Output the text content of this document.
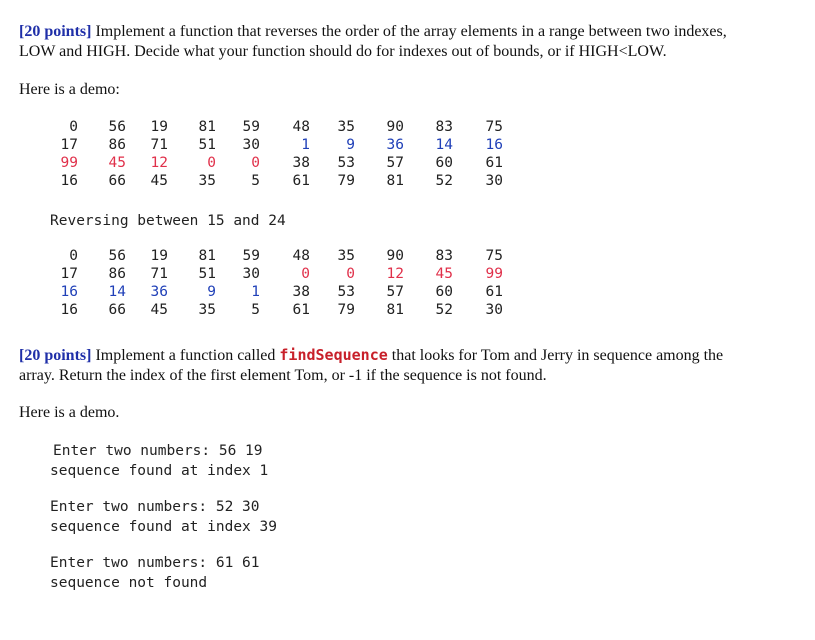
[20 points] Implement a function that reverses the order of the array elements in a range between two indexes,
LOW and HIGH. Decide what your function should do for indexes out of bounds, or if HIGH<LOW.
Here is a demo:
0	56	19	81	59	48	35	90	83	75
17	86	71	51	30	1	9	36	14	16
99	45	12	0	0	38	53	57	60	61
16	66	45	35	5	61	79	81	52	30
Reversing between 15 and 24
0	56	19	81	59	48	35	90	83	75
17	86	71	51	30	0	0	12	45	99
16	14	36	9	1	38	53	57	60	61
16	66	45	35	5	61	79	81	52	30
[20 points] Implement a function called findSequence that looks for Tom and Jerry in sequence among the
array. Return the index of the first element Tom, or -1 if the sequence is not found.
Here is a demo.
Enter two numbers: 56 19
sequence found at index 1
Enter two numbers: 52 30
sequence found at index 39
Enter two numbers: 61 61
sequence not found
